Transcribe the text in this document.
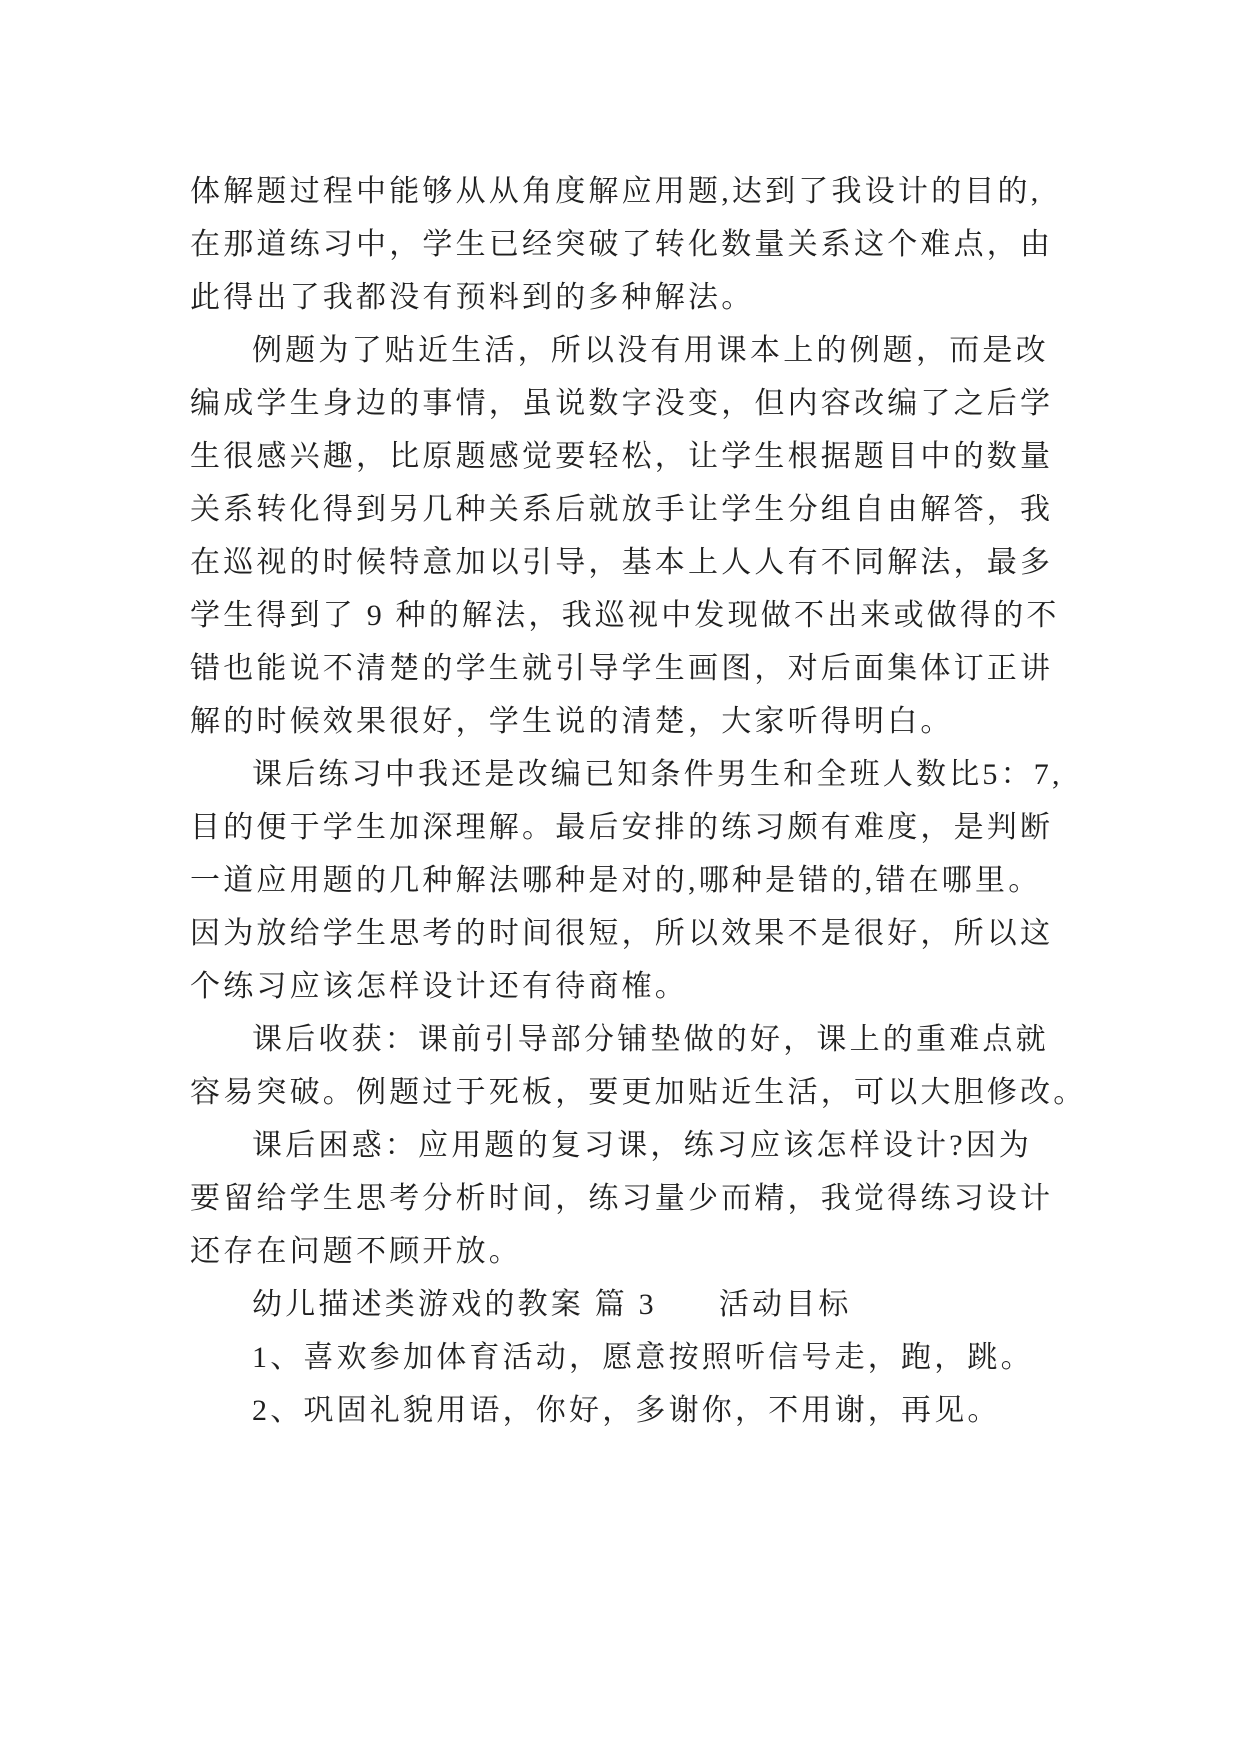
体解题过程中能够从从角度解应用题,达到了我设计的目的,
在那道练习中，学生已经突破了转化数量关系这个难点，由
此得出了我都没有预料到的多种解法。
例题为了贴近生活，所以没有用课本上的例题，而是改
编成学生身边的事情，虽说数字没变，但内容改编了之后学
生很感兴趣，比原题感觉要轻松，让学生根据题目中的数量
关系转化得到另几种关系后就放手让学生分组自由解答，我
在巡视的时候特意加以引导，基本上人人有不同解法，最多
学生得到了 9 种的解法，我巡视中发现做不出来或做得的不
错也能说不清楚的学生就引导学生画图，对后面集体订正讲
解的时候效果很好，学生说的清楚，大家听得明白。
课后练习中我还是改编已知条件男生和全班人数比5：7,
目的便于学生加深理解。最后安排的练习颇有难度，是判断
一道应用题的几种解法哪种是对的,哪种是错的,错在哪里。
因为放给学生思考的时间很短，所以效果不是很好，所以这
个练习应该怎样设计还有待商榷。
课后收获：课前引导部分铺垫做的好，课上的重难点就
容易突破。例题过于死板，要更加贴近生活，可以大胆修改。
课后困惑：应用题的复习课，练习应该怎样设计?因为
要留给学生思考分析时间，练习量少而精，我觉得练习设计
还存在问题不顾开放。
幼儿描述类游戏的教案 篇 3 活动目标
1、喜欢参加体育活动，愿意按照听信号走，跑，跳。
2、巩固礼貌用语，你好，多谢你，不用谢，再见。
